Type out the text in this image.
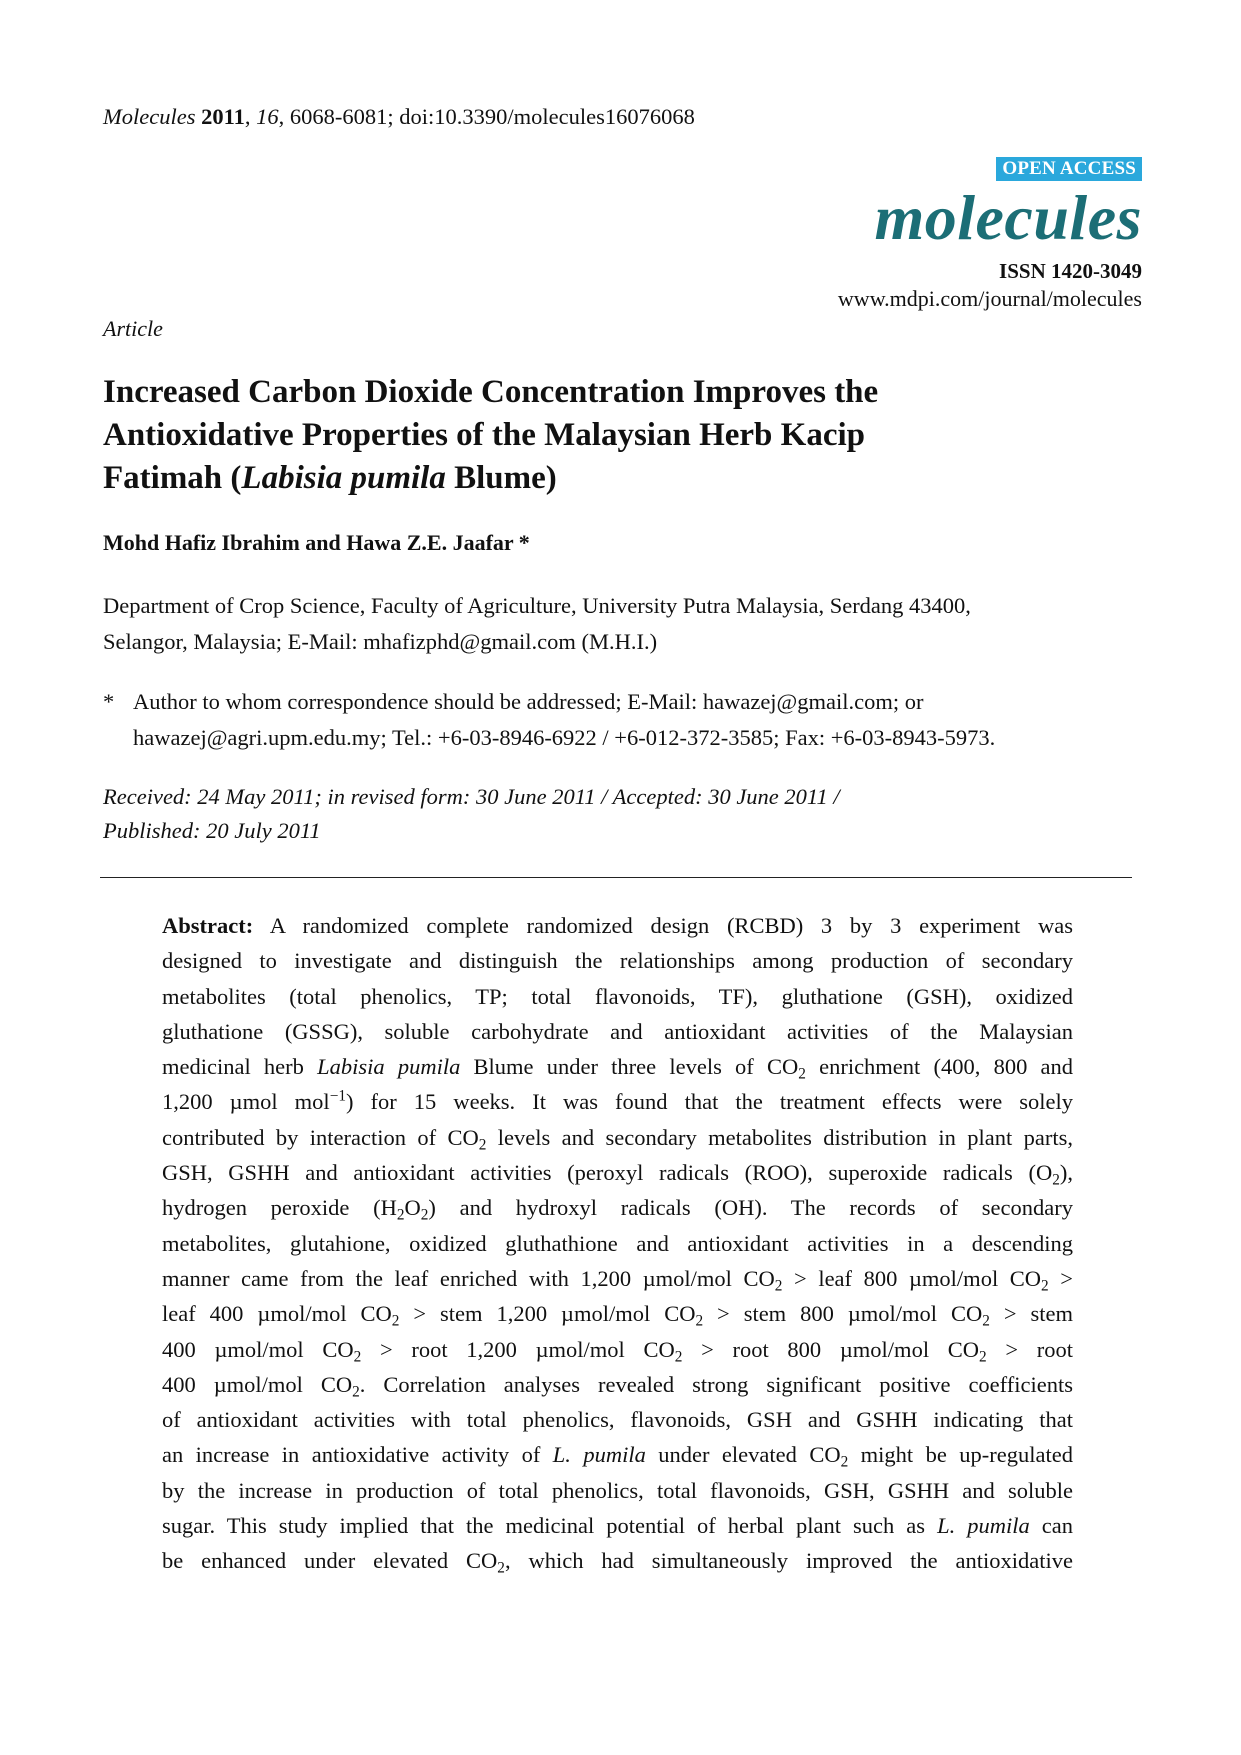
Molecules 2011, 16, 6068-6081; doi:10.3390/molecules16076068
OPEN ACCESS
molecules
ISSN 1420-3049
www.mdpi.com/journal/molecules
Article
Increased Carbon Dioxide Concentration Improves the
Antioxidative Properties of the Malaysian Herb Kacip
Fatimah (Labisia pumila Blume)
Mohd Hafiz Ibrahim and Hawa Z.E. Jaafar *
Department of Crop Science, Faculty of Agriculture, University Putra Malaysia, Serdang 43400,
Selangor, Malaysia; E-Mail: mhafizphd@gmail.com (M.H.I.)
* Author to whom correspondence should be addressed; E-Mail: hawazej@gmail.com; or
hawazej@agri.upm.edu.my; Tel.: +6-03-8946-6922 / +6-012-372-3585; Fax: +6-03-8943-5973.
Received: 24 May 2011; in revised form: 30 June 2011 / Accepted: 30 June 2011 /
Published: 20 July 2011
Abstract: A randomized complete randomized design (RCBD) 3 by 3 experiment was
designed to investigate and distinguish the relationships among production of secondary
metabolites (total phenolics, TP; total flavonoids, TF), gluthatione (GSH), oxidized
gluthatione (GSSG), soluble carbohydrate and antioxidant activities of the Malaysian
medicinal herb Labisia pumila Blume under three levels of $CO_2$ enrichment (400, 800 and
1,200 µmol mol$^{-1}$) for 15 weeks. It was found that the treatment effects were solely
contributed by interaction of $CO_2$ levels and secondary metabolites distribution in plant parts,
GSH, GSHH and antioxidant activities (peroxyl radicals (ROO), superoxide radicals $(O_2)$,
hydrogen peroxide $(H_2O_2)$ and hydroxyl radicals (OH). The records of secondary
metabolites, glutahione, oxidized gluthathione and antioxidant activities in a descending
manner came from the leaf enriched with 1,200 µmol/mol $CO_2$ > leaf 800 µmol/mol $CO_2$ >
leaf 400 µmol/mol $CO_2$ > stem 1,200 µmol/mol $CO_2$ > stem 800 µmol/mol $CO_2$ > stem
400 µmol/mol $CO_2$ > root 1,200 µmol/mol $CO_2$ > root 800 µmol/mol $CO_2$ > root
400 µmol/mol $CO_2$. Correlation analyses revealed strong significant positive coefficients
of antioxidant activities with total phenolics, flavonoids, GSH and GSHH indicating that
an increase in antioxidative activity of L. pumila under elevated $CO_2$ might be up-regulated
by the increase in production of total phenolics, total flavonoids, GSH, GSHH and soluble
sugar. This study implied that the medicinal potential of herbal plant such as L. pumila can
be enhanced under elevated $CO_2$, which had simultaneously improved the antioxidative
